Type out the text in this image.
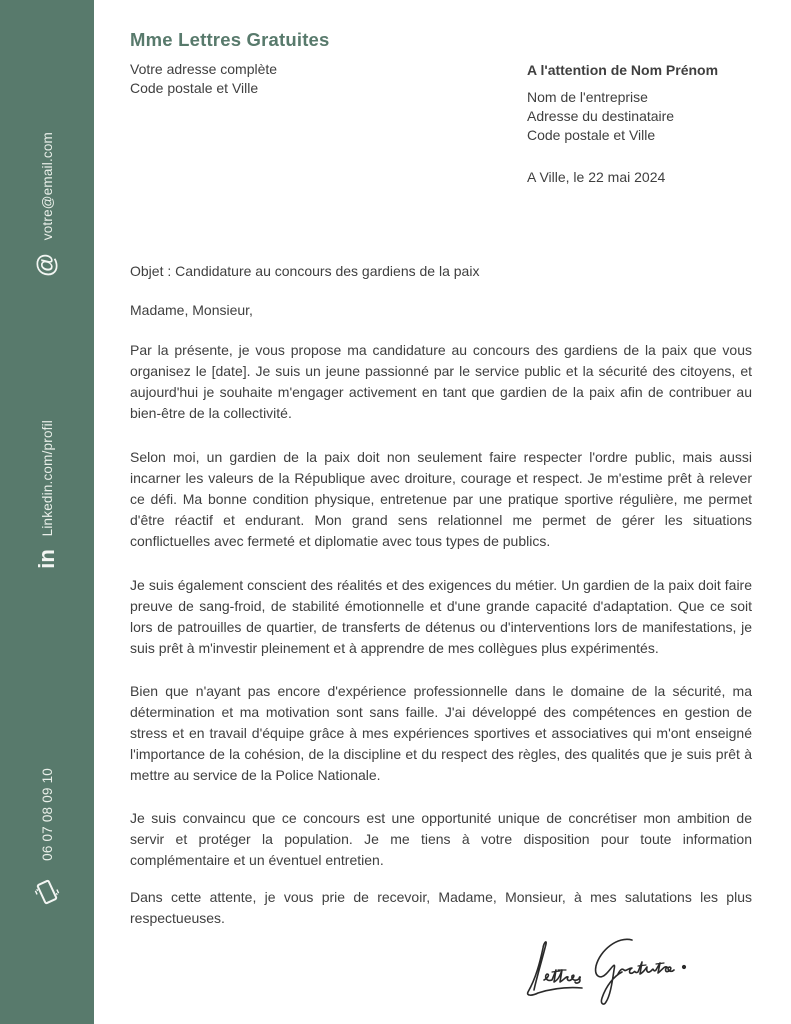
votre@email.com
@
Linkedin.com/profil
in
06 07 08 09 10
Mme Lettres Gratuites
Votre adresse complète
Code postale et Ville
A l'attention de Nom Prénom
Nom de l'entreprise
Adresse du destinataire
Code postale et Ville
A Ville, le 22 mai 2024
Objet : Candidature au concours des gardiens de la paix
Madame, Monsieur,
Par la présente, je vous propose ma candidature au concours des gardiens de la paix que vous organisez le [date]. Je suis un jeune passionné par le service public et la sécurité des citoyens, et aujourd'hui je souhaite m'engager activement en tant que gardien de la paix afin de contribuer au bien-être de la collectivité.
Selon moi, un gardien de la paix doit non seulement faire respecter l'ordre public, mais aussi incarner les valeurs de la République avec droiture, courage et respect. Je m'estime prêt à relever ce défi. Ma bonne condition physique, entretenue par une pratique sportive régulière, me permet d'être réactif et endurant. Mon grand sens relationnel me permet de gérer les situations conflictuelles avec fermeté et diplomatie avec tous types de publics.
Je suis également conscient des réalités et des exigences du métier. Un gardien de la paix doit faire preuve de sang-froid, de stabilité émotionnelle et d'une grande capacité d'adaptation. Que ce soit lors de patrouilles de quartier, de transferts de détenus ou d'interventions lors de manifestations, je suis prêt à m'investir pleinement et à apprendre de mes collègues plus expérimentés.
Bien que n'ayant pas encore d'expérience professionnelle dans le domaine de la sécurité, ma détermination et ma motivation sont sans faille. J'ai développé des compétences en gestion de stress et en travail d'équipe grâce à mes expériences sportives et associatives qui m'ont enseigné l'importance de la cohésion, de la discipline et du respect des règles, des qualités que je suis prêt à mettre au service de la Police Nationale.
Je suis convaincu que ce concours est une opportunité unique de concrétiser mon ambition de servir et protéger la population. Je me tiens à votre disposition pour toute information complémentaire et un éventuel entretien.
Dans cette attente, je vous prie de recevoir, Madame, Monsieur, à mes salutations les plus respectueuses.
